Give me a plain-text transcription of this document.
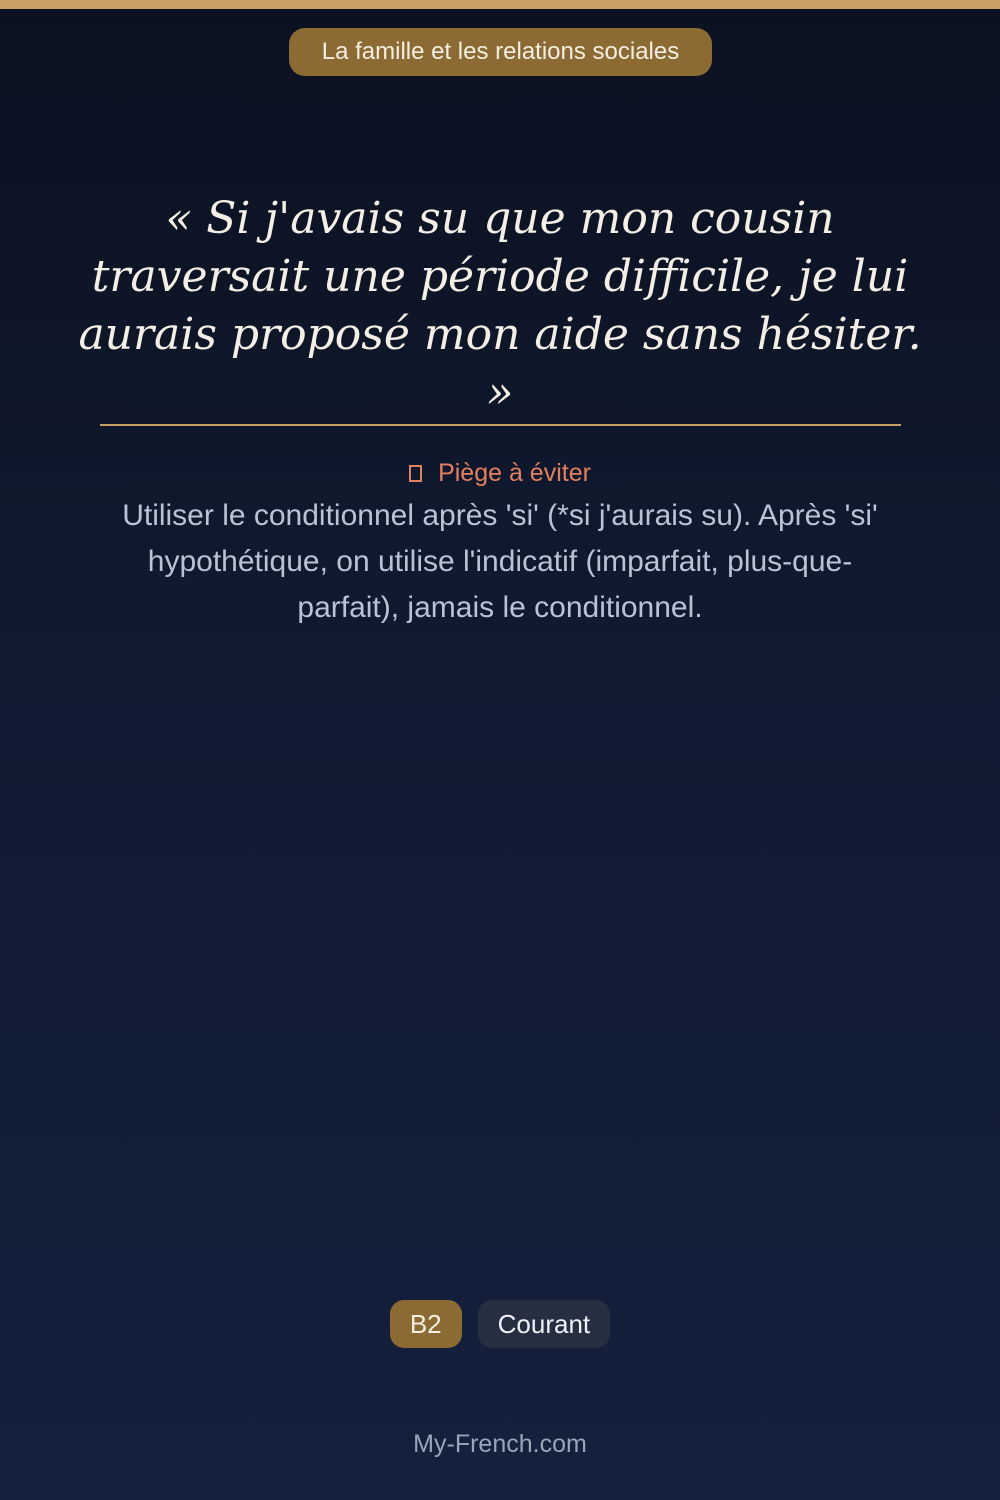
La famille et les relations sociales

« Si j'avais su que mon cousin traversait une période difficile, je lui aurais proposé mon aide sans hésiter. »

Piège à éviter

Utiliser le conditionnel après 'si' (*si j'aurais su). Après 'si' hypothétique, on utilise l'indicatif (imparfait, plus-que-parfait), jamais le conditionnel.

B2	Courant
My-French.com
